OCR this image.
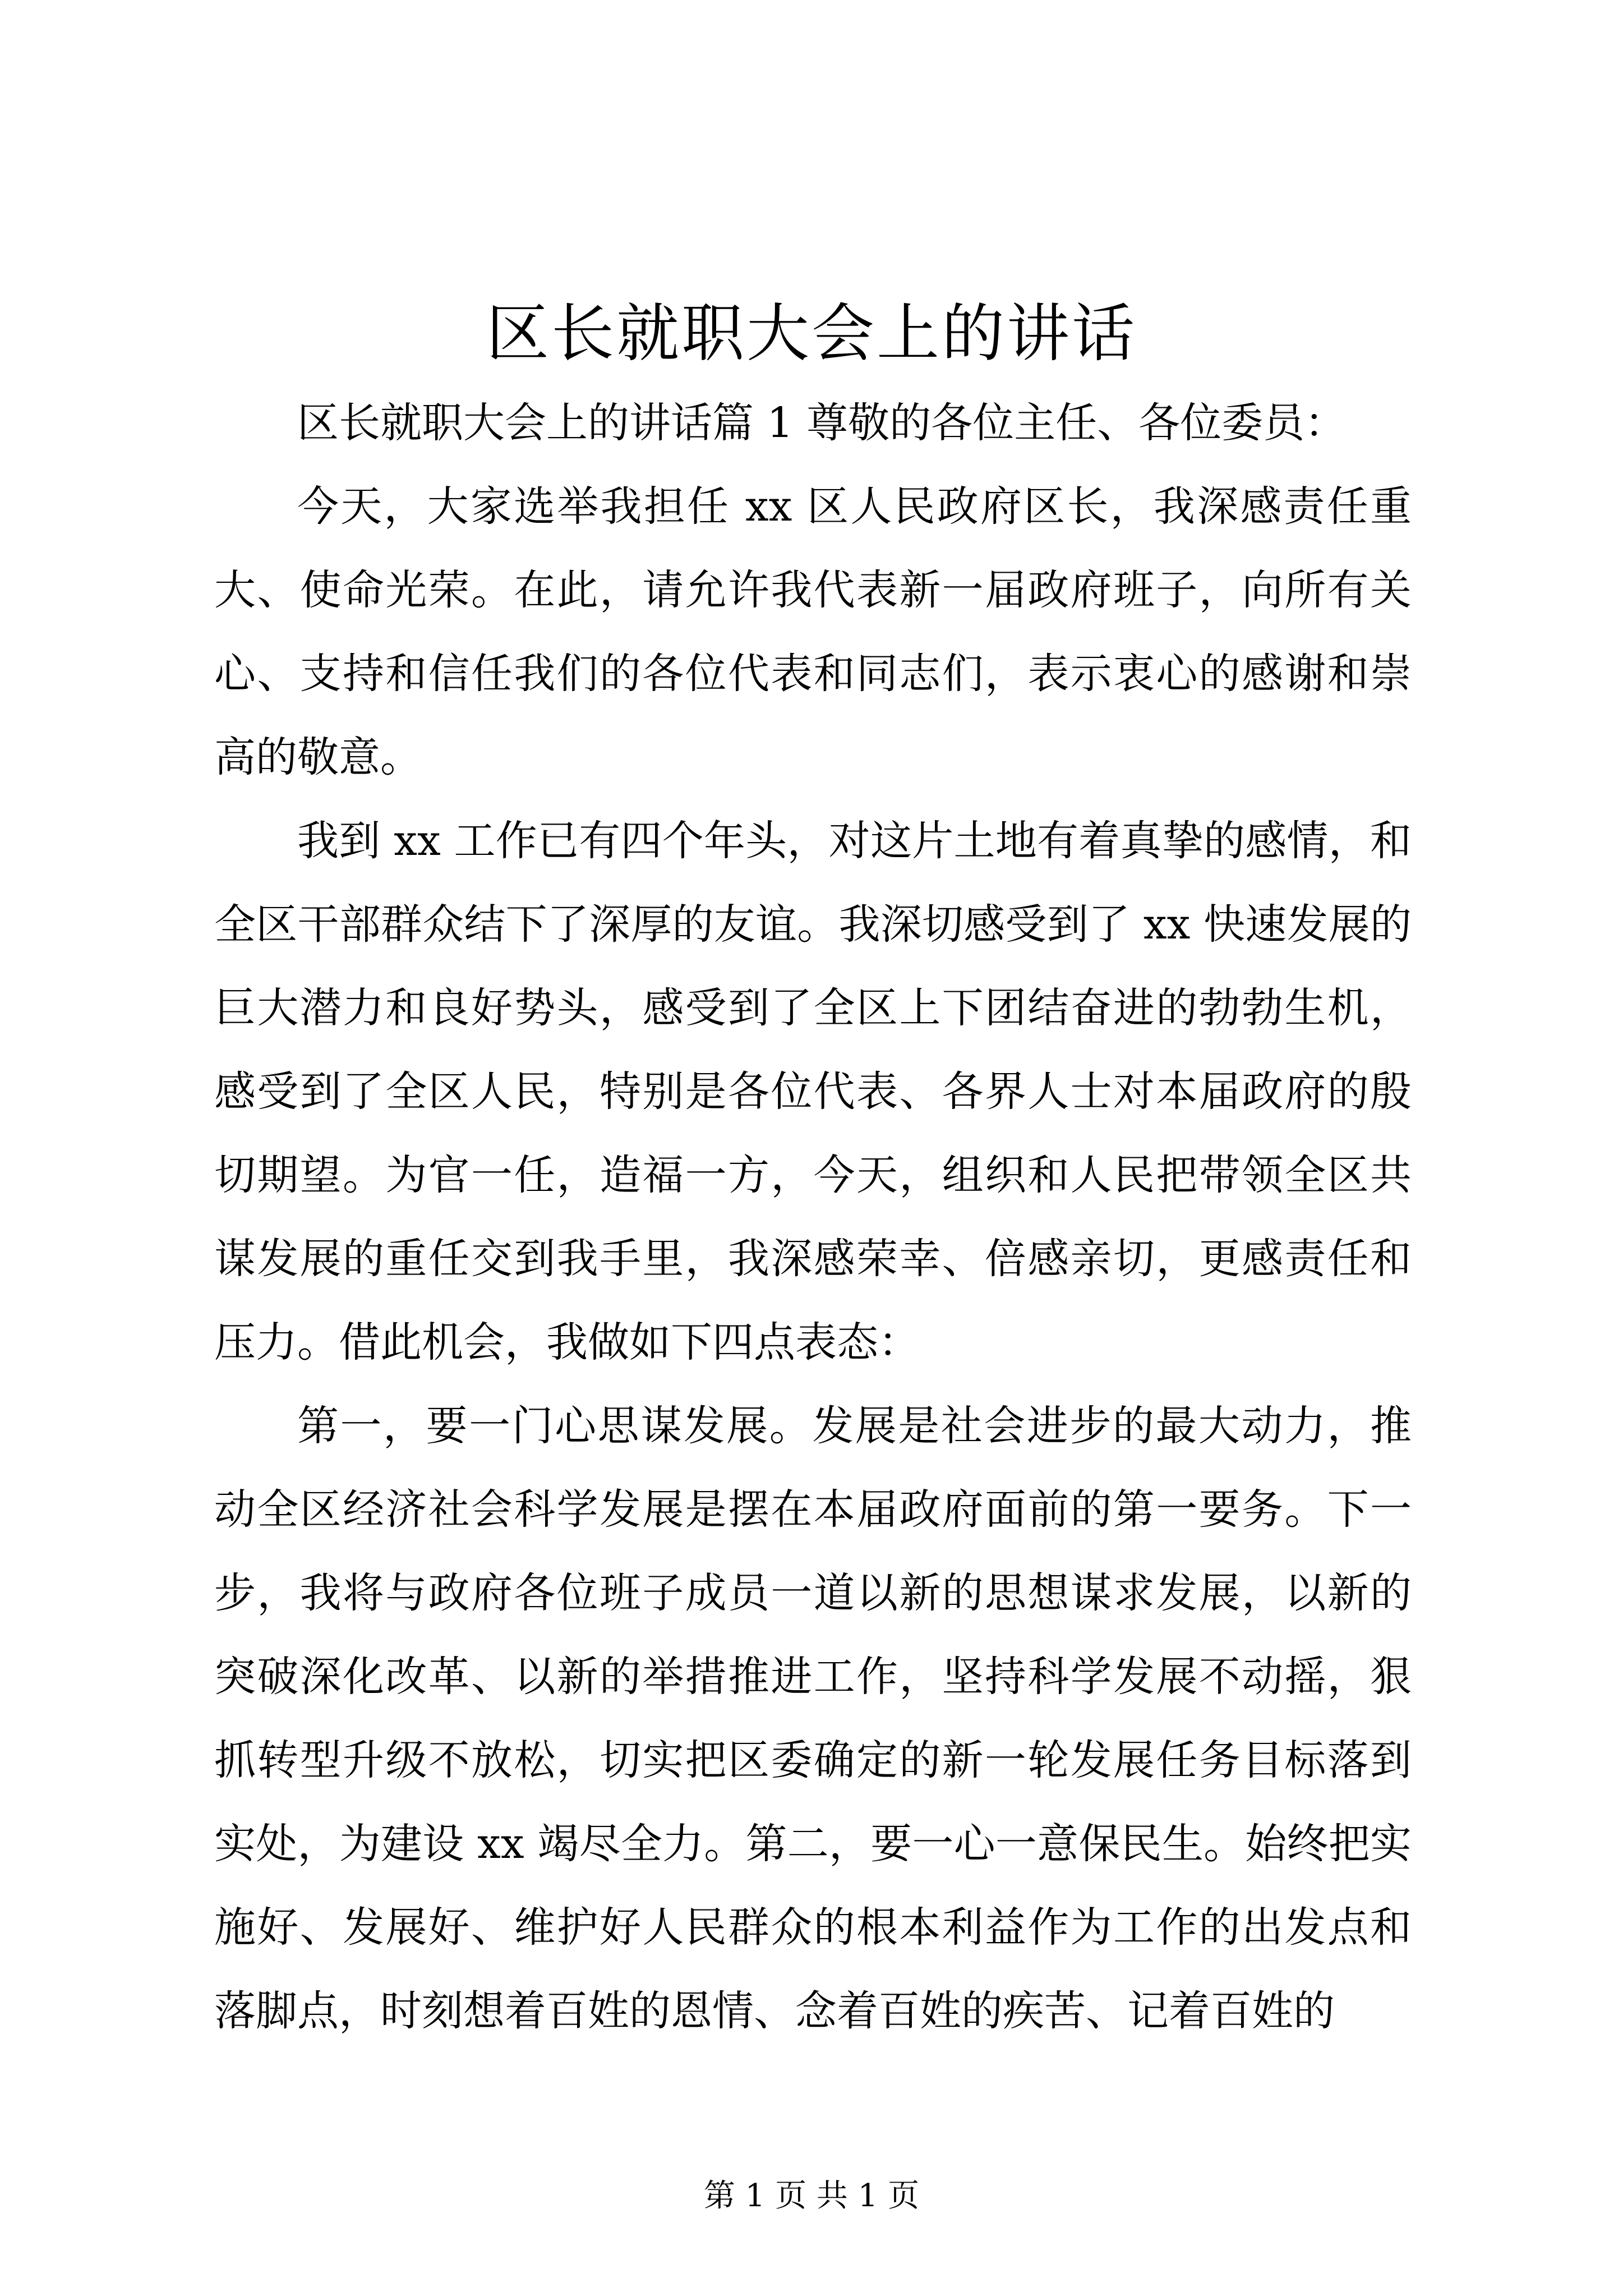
区长就职大会上的讲话

区长就职大会上的讲话篇 1 尊敬的各位主任、各位委员：

今天，大家选举我担任 xx 区人民政府区长，我深感责任重大、使命光荣。在此，请允许我代表新一届政府班子，向所有关心、支持和信任我们的各位代表和同志们，表示衷心的感谢和崇高的敬意。

我到 xx 工作已有四个年头，对这片土地有着真挚的感情，和全区干部群众结下了深厚的友谊。我深切感受到了 xx 快速发展的巨大潜力和良好势头，感受到了全区上下团结奋进的勃勃生机，感受到了全区人民，特别是各位代表、各界人士对本届政府的殷切期望。为官一任，造福一方，今天，组织和人民把带领全区共谋发展的重任交到我手里，我深感荣幸、倍感亲切，更感责任和压力。借此机会，我做如下四点表态：

第一，要一门心思谋发展。发展是社会进步的最大动力，推动全区经济社会科学发展是摆在本届政府面前的第一要务。下一步，我将与政府各位班子成员一道以新的思想谋求发展，以新的突破深化改革、以新的举措推进工作，坚持科学发展不动摇，狠抓转型升级不放松，切实把区委确定的新一轮发展任务目标落到实处，为建设 xx 竭尽全力。第二，要一心一意保民生。始终把实施好、发展好、维护好人民群众的根本利益作为工作的出发点和落脚点，时刻想着百姓的恩情、念着百姓的疾苦、记着百姓的

第 1 页 共 1 页
